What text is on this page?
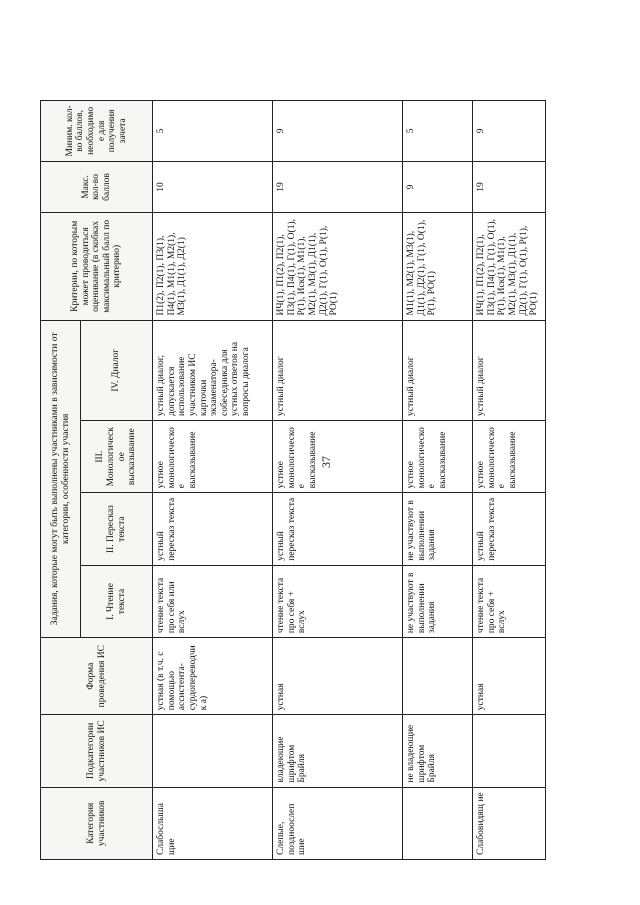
37
Категория участников	Подкатегории участников ИС	Форма проведения ИС	Задания, которые могут быть выполнены участниками в зависимости от категории, особенности участия				Критерии, по которым может проводиться оценивание (в скобках максимальный балл по критерию)	Макс. кол-во баллов	Миним. кол-во баллов, необходимое для получения зачета
			I. Чтение текста	II. Пересказ текста	III. Монологическое высказывание	IV. Диалог			
Слабослыша щие		устная (в т.ч. с помощью ассистента-сурдопереводчик а)	чтение текста про себя или вслух	устный пересказ текста	устное монологическое высказывание	устный диалог, допускается использование участником ИС карточки экзаменатора-собеседника для устных ответов на вопросы диалога	П1(2), П2(1), П3(1), П4(1), М1(1), М2(1), М3(1), Д1(1), Д2(1)	10	5
Слепые, поздноослеп шие	владеющие шрифтом Брайля	устная	чтение текста про себя + вслух	устный пересказ текста	устное монологическое высказывание	устный диалог	ИЧ(1), П1(2), П2(1), П3(1), П4(1), Г(1), О(1), Р(1), Иск(1), М1(1), М2(1), М3(1), Д1(1), Д2(1), Г(1), О(1), Р(1), РО(1)	19	9
	не владеющие шрифтом Брайля		не участвуют в выполнении задания	не участвуют в выполнении задания	устное монологическое высказывание	устный диалог	М1(1), М2(1), М3(1), Д1(1), Д2(1), Г(1), О(1), Р(1), РО(1)	9	5
Слабовидящ ие		устная	чтение текста про себя + вслух	устный пересказ текста	устное монологическое высказывание	устный диалог	ИЧ(1), П1(2), П2(1), П3(1), П4(1), Г(1), О(1), Р(1), Иск(1), М1(1), М2(1), М3(1), Д1(1), Д2(1), Г(1), О(1), Р(1), РО(1)	19	9
